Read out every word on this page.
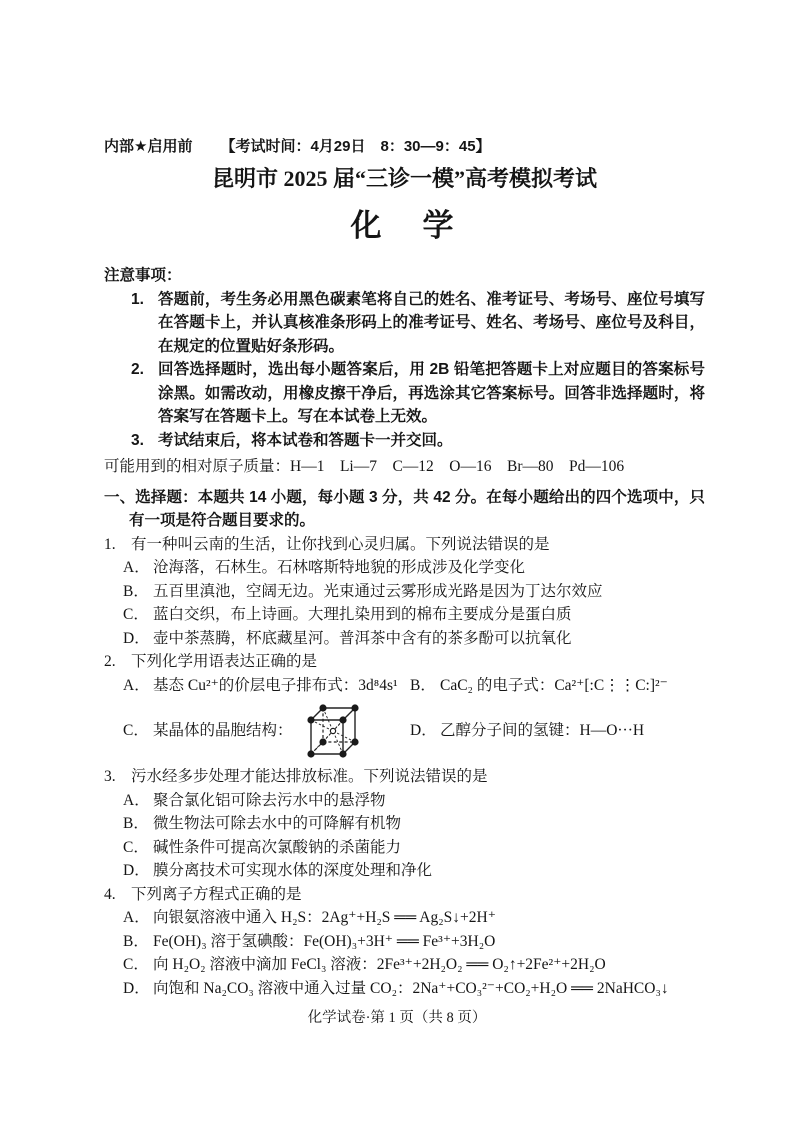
内部★启用前 【考试时间：4月29日　8：30—9：45】
昆明市 2025 届“三诊一模”高考模拟考试
化　学
注意事项：
1. 答题前，考生务必用黑色碳素笔将自己的姓名、准考证号、考场号、座位号填写在答题卡上，并认真核准条形码上的准考证号、姓名、考场号、座位号及科目，在规定的位置贴好条形码。
2. 回答选择题时，选出每小题答案后，用 2B 铅笔把答题卡上对应题目的答案标号涂黑。如需改动，用橡皮擦干净后，再选涂其它答案标号。回答非选择题时，将答案写在答题卡上。写在本试卷上无效。
3. 考试结束后，将本试卷和答题卡一并交回。
可能用到的相对原子质量：H—1　Li—7　C—12　O—16　Br—80　Pd—106
一、选择题：本题共 14 小题，每小题 3 分，共 42 分。在每小题给出的四个选项中，只有一项是符合题目要求的。
1. 有一种叫云南的生活，让你找到心灵归属。下列说法错误的是
A． 沧海落，石林生。石林喀斯特地貌的形成涉及化学变化
B． 五百里滇池，空阔无边。光束通过云雾形成光路是因为丁达尔效应
C． 蓝白交织，布上诗画。大理扎染用到的棉布主要成分是蛋白质
D． 壶中茶蒸腾，杯底藏星河。普洱茶中含有的茶多酚可以抗氧化
2. 下列化学用语表达正确的是
A． 基态 Cu²⁺的价层电子排布式：3d⁸4s¹ B． CaC₂ 的电子式：Ca²⁺[:C⋮⋮C:]²⁻
C． 某晶体的晶胞结构：	D． 乙醇分子间的氢键：H—O···H
3. 污水经多步处理才能达排放标准。下列说法错误的是
A． 聚合氯化铝可除去污水中的悬浮物
B． 微生物法可除去水中的可降解有机物
C． 碱性条件可提高次氯酸钠的杀菌能力
D． 膜分离技术可实现水体的深度处理和净化
4. 下列离子方程式正确的是
A． 向银氨溶液中通入 H₂S：2Ag⁺+H₂S ══ Ag₂S↓+2H⁺
B． Fe(OH)₃ 溶于氢碘酸：Fe(OH)₃+3H⁺ ══ Fe³⁺+3H₂O
C． 向 H₂O₂ 溶液中滴加 FeCl₃ 溶液：2Fe³⁺+2H₂O₂ ══ O₂↑+2Fe²⁺+2H₂O
D． 向饱和 Na₂CO₃ 溶液中通入过量 CO₂：2Na⁺+CO₃²⁻+CO₂+H₂O ══ 2NaHCO₃↓
化学试卷·第 1 页（共 8 页）
